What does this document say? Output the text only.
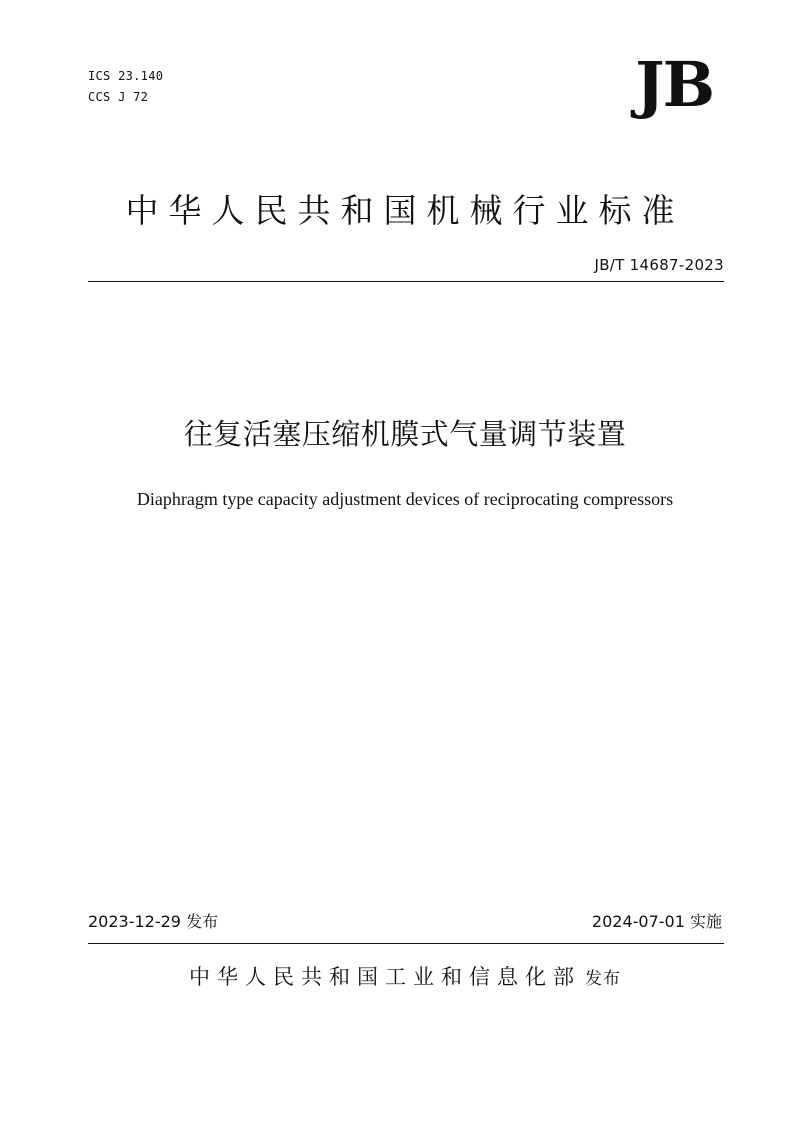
ICS 23.140
CCS J 72	JB
中华人民共和国机械行业标准
JB/T 14687-2023
往复活塞压缩机膜式气量调节装置
Diaphragm type capacity adjustment devices of reciprocating compressors
2023-12-29 发布	2024-07-01 实施
中华人民共和国工业和信息化部 发布
